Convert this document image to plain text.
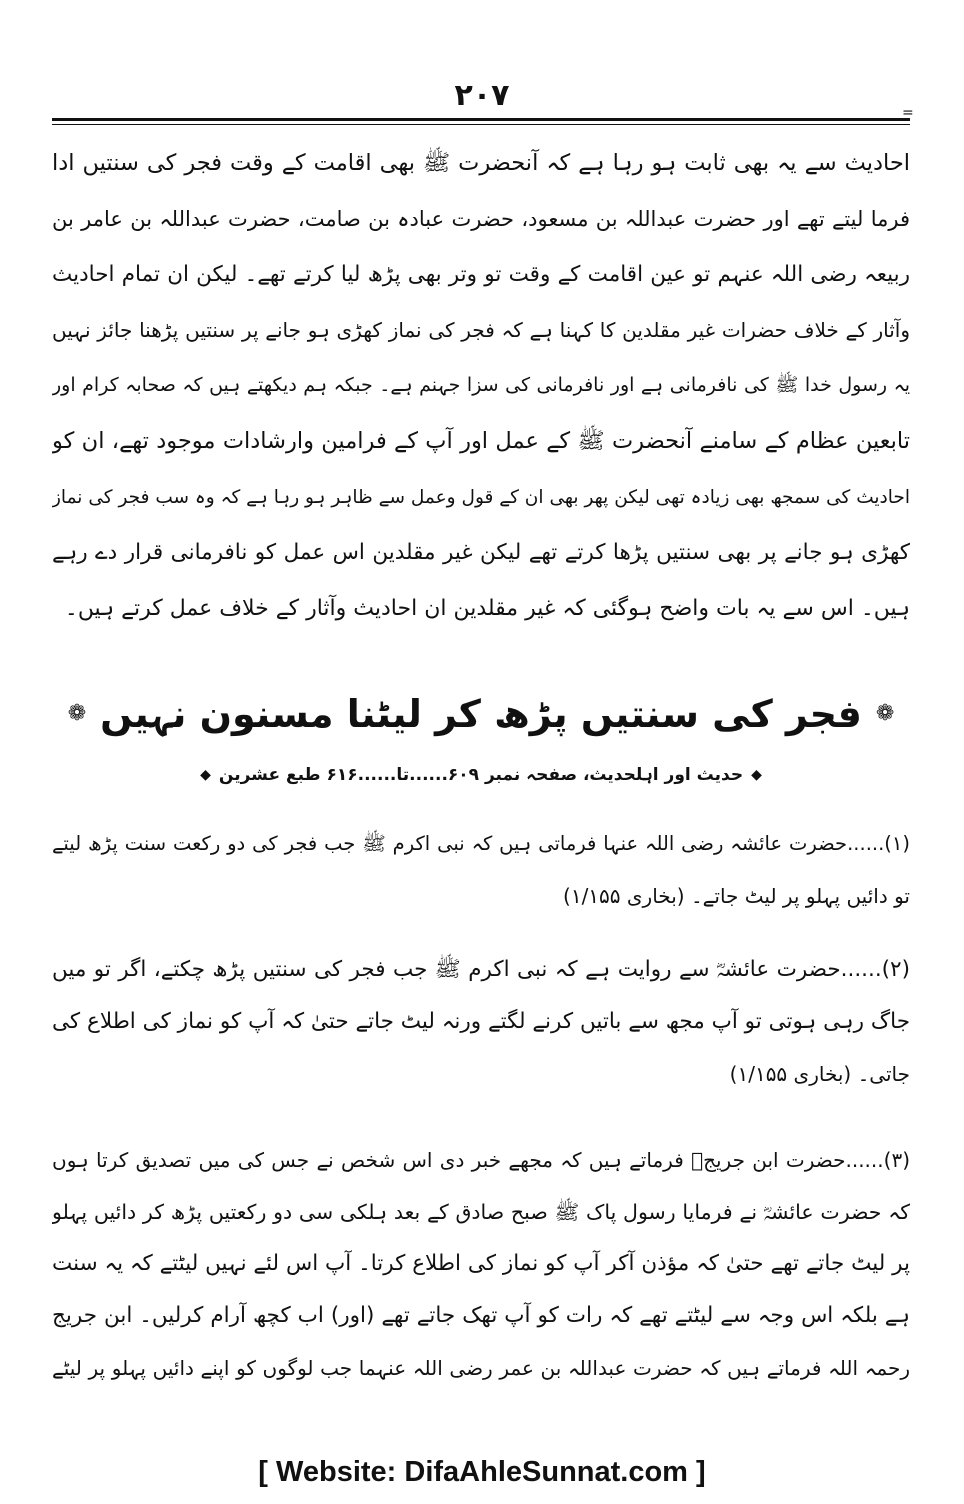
۲۰۷	=
احادیث سے یہ بھی ثابت ہو رہا ہے کہ آنحضرت ﷺ بھی اقامت کے وقت فجر کی سنتیں ادا
فرما لیتے تھے اور حضرت عبداللہ بن مسعود، حضرت عبادہ بن صامت، حضرت عبداللہ بن عامر بن
ربیعہ رضی اللہ عنہم تو عین اقامت کے وقت تو وتر بھی پڑھ لیا کرتے تھے۔ لیکن ان تمام احادیث
وآثار کے خلاف حضرات غیر مقلدین کا کہنا ہے کہ فجر کی نماز کھڑی ہو جانے پر سنتیں پڑھنا جائز نہیں
یہ رسول خدا ﷺ کی نافرمانی ہے اور نافرمانی کی سزا جہنم ہے۔ جبکہ ہم دیکھتے ہیں کہ صحابہ کرام اور
تابعین عظام کے سامنے آنحضرت ﷺ کے عمل اور آپ کے فرامین وارشادات موجود تھے، ان کو
احادیث کی سمجھ بھی زیادہ تھی لیکن پھر بھی ان کے قول وعمل سے ظاہر ہو رہا ہے کہ وہ سب فجر کی نماز
کھڑی ہو جانے پر بھی سنتیں پڑھا کرتے تھے لیکن غیر مقلدین اس عمل کو نافرمانی قرار دے رہے
ہیں۔ اس سے یہ بات واضح ہوگئی کہ غیر مقلدین ان احادیث وآثار کے خلاف عمل کرتے ہیں۔
❁
فجر کی سنتیں پڑھ کر لیٹنا مسنون نہیں
❁
◆
حدیث اور اہلحدیث، صفحہ نمبر ۶۰۹......تا......۶۱۶ طبع عشرین
◆
(۱)......حضرت عائشہ رضی اللہ عنہا فرماتی ہیں کہ نبی اکرم ﷺ جب فجر کی دو رکعت سنت پڑھ لیتے
تو دائیں پہلو پر لیٹ جاتے۔ (بخاری ۱/۱۵۵)
(۲)......حضرت عائشہؓ سے روایت ہے کہ نبی اکرم ﷺ جب فجر کی سنتیں پڑھ چکتے، اگر تو میں
جاگ رہی ہوتی تو آپ مجھ سے باتیں کرنے لگتے ورنہ لیٹ جاتے حتیٰ کہ آپ کو نماز کی اطلاع کی
جاتی۔ (بخاری ۱/۱۵۵)
(۳)......حضرت ابن جریجؒ فرماتے ہیں کہ مجھے خبر دی اس شخص نے جس کی میں تصدیق کرتا ہوں
کہ حضرت عائشہؓ نے فرمایا رسول پاک ﷺ صبح صادق کے بعد ہلکی سی دو رکعتیں پڑھ کر دائیں پہلو
پر لیٹ جاتے تھے حتیٰ کہ مؤذن آکر آپ کو نماز کی اطلاع کرتا۔ آپ اس لئے نہیں لیٹتے کہ یہ سنت
ہے بلکہ اس وجہ سے لیٹتے تھے کہ رات کو آپ تھک جاتے تھے (اور) اب کچھ آرام کرلیں۔ ابن جریج
رحمہ اللہ فرماتے ہیں کہ حضرت عبداللہ بن عمر رضی اللہ عنہما جب لوگوں کو اپنے دائیں پہلو پر لیٹے
[ Website: DifaAhleSunnat.com ]
